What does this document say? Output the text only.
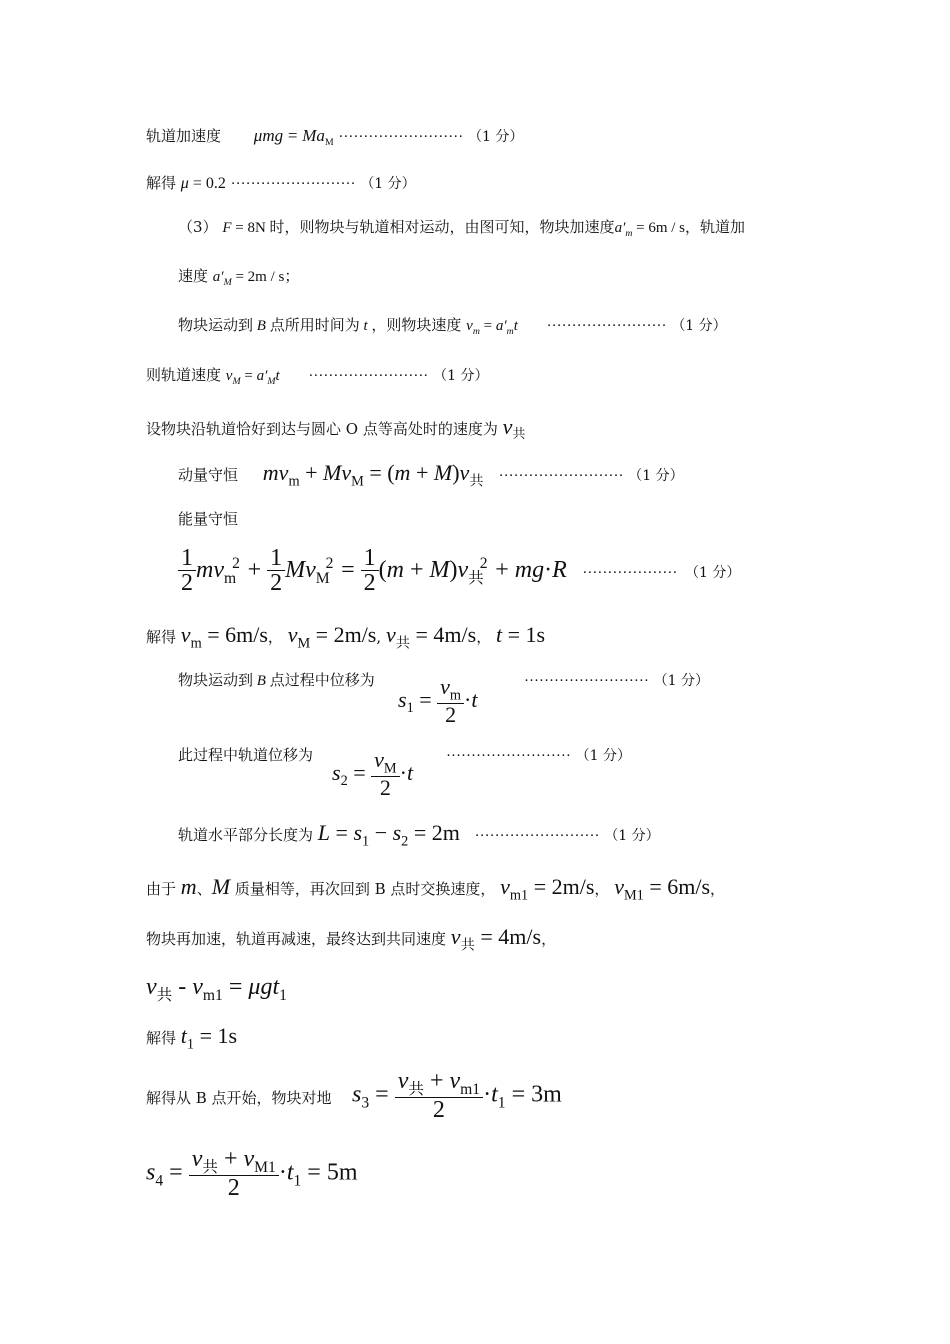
轨道加速度 $\mu mg = Ma_M$ ························· （1 分）
解得 μ = 0.2 ························· （1 分）
（3） F = 8N 时，则物块与轨道相对运动，由图可知，物块加速度$a'_m = 6m / s$，轨道加
速度 $a'_M = 2m / s$；
物块运动到 B 点所用时间为 t ，则物块速度 $v_m = a'_mt$ ························ （1 分）
则轨道速度 $v_M = a'_Mt$ ························ （1 分）
设物块沿轨道恰好到达与圆心 O 点等高处时的速度为 $v_共$
动量守恒 $mv_m + Mv_M = (m + M)v_共$ ························· （1 分）
能量守恒
$\frac{1}{2} mv_m^2 + \frac{1}{2} Mv_M^2 = \frac{1}{2} (m + M)v_共^2 + mg\cdot R$ ··················· （1 分）
解得 $v_m = 6m/s$， $v_M = 2m/s$, $v_共 = 4m/s$， t = 1s
物块运动到 B 点过程中位移为
$s_1 = \frac{v_m}{2} \cdot t$
························· （1 分）
此过程中轨道位移为
$s_2 = \frac{v_M}{2} \cdot t$
························· （1 分）
轨道水平部分长度为 $L = s_1 - s_2 = 2m$ ························· （1 分）
由于 m、M 质量相等，再次回到 B 点时交换速度， $v_{m1} = 2m/s$， $v_{M1} = 6m/s$，
物块再加速，轨道再减速，最终达到共同速度 $v_共 = 4m/s$，
$v_共 - v_{m1} = \mu gt_1$
解得 $t_1 = 1s$
解得从 B 点开始，物块对地 $s_3 = \frac{v_共 + v_{m1}}{2} \cdot t_1 = 3m$
$s_4 = \frac{v_共 + v_{M1}}{2} \cdot t_1 = 5m$
